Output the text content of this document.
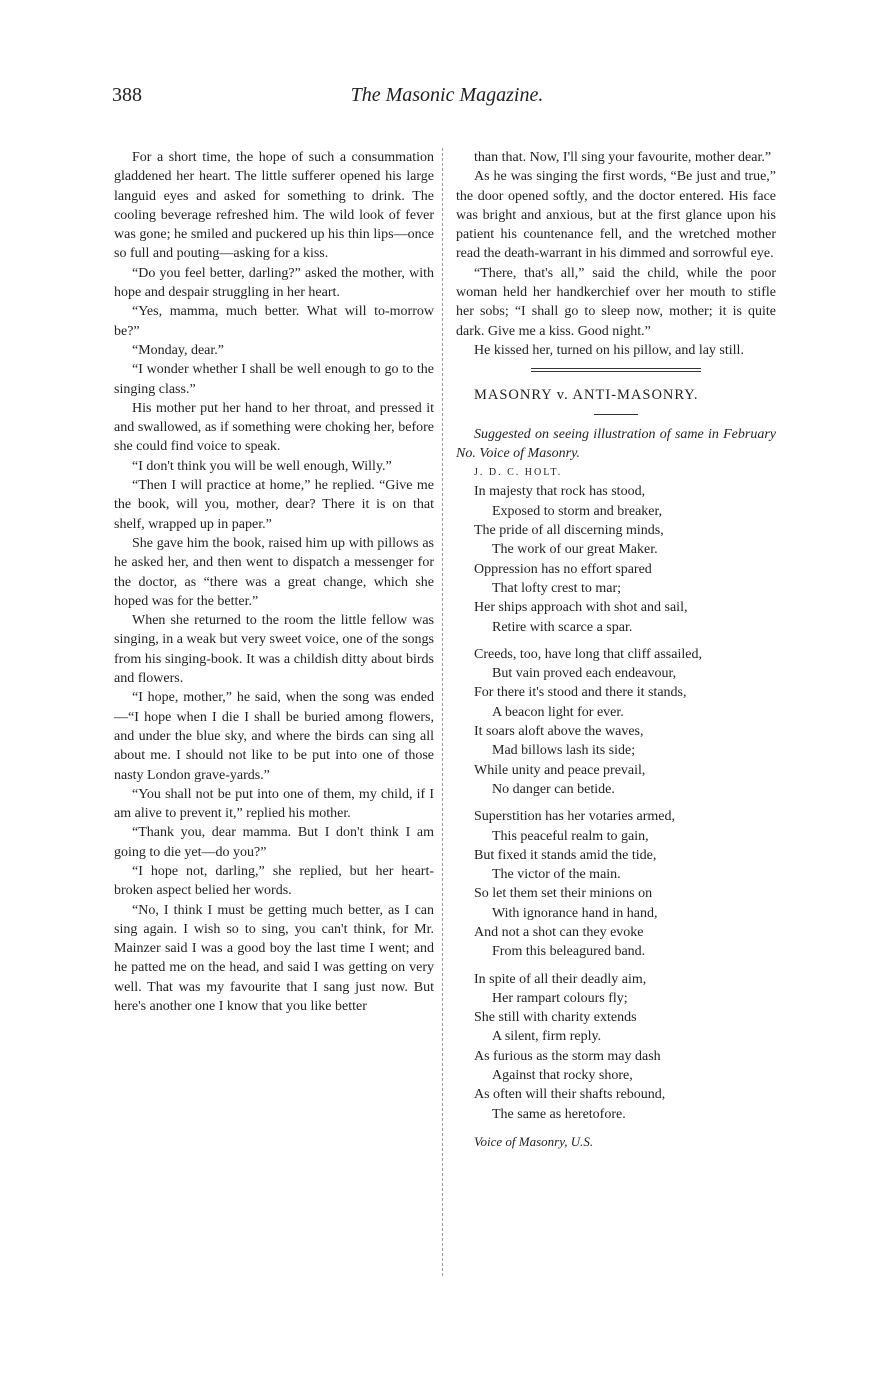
388	The Masonic Magazine.

For a short time, the hope of such a consummation gladdened her heart. The little sufferer opened his large languid eyes and asked for something to drink. The cooling beverage refreshed him. The wild look of fever was gone; he smiled and puckered up his thin lips—once so full and pouting—asking for a kiss.

“Do you feel better, darling?” asked the mother, with hope and despair struggling in her heart.

“Yes, mamma, much better. What will to-morrow be?”

“Monday, dear.”

“I wonder whether I shall be well enough to go to the singing class.”

His mother put her hand to her throat, and pressed it and swallowed, as if something were choking her, before she could find voice to speak.

“I don't think you will be well enough, Willy.”

“Then I will practice at home,” he replied. “Give me the book, will you, mother, dear? There it is on that shelf, wrapped up in paper.”

She gave him the book, raised him up with pillows as he asked her, and then went to dispatch a messenger for the doctor, as “there was a great change, which she hoped was for the better.”

When she returned to the room the little fellow was singing, in a weak but very sweet voice, one of the songs from his singing-book. It was a childish ditty about birds and flowers.

“I hope, mother,” he said, when the song was ended—“I hope when I die I shall be buried among flowers, and under the blue sky, and where the birds can sing all about me. I should not like to be put into one of those nasty London grave-yards.”

“You shall not be put into one of them, my child, if I am alive to prevent it,” replied his mother.

“Thank you, dear mamma. But I don't think I am going to die yet—do you?”

“I hope not, darling,” she replied, but her heart-broken aspect belied her words.

“No, I think I must be getting much better, as I can sing again. I wish so to sing, you can't think, for Mr. Mainzer said I was a good boy the last time I went; and he patted me on the head, and said I was getting on very well. That was my favourite that I sang just now. But here's another one I know that you like better

than that. Now, I'll sing your favourite, mother dear.”

As he was singing the first words, “Be just and true,” the door opened softly, and the doctor entered. His face was bright and anxious, but at the first glance upon his patient his countenance fell, and the wretched mother read the death-warrant in his dimmed and sorrowful eye.

“There, that's all,” said the child, while the poor woman held her handkerchief over her mouth to stifle her sobs; “I shall go to sleep now, mother; it is quite dark. Give me a kiss. Good night.”

He kissed her, turned on his pillow, and lay still.

MASONRY v. ANTI-MASONRY.

Suggested on seeing illustration of same in February No. Voice of Masonry.

J. D. C. HOLT.

In majesty that rock has stood,

Exposed to storm and breaker,

The pride of all discerning minds,

The work of our great Maker.

Oppression has no effort spared

That lofty crest to mar;

Her ships approach with shot and sail,

Retire with scarce a spar.

Creeds, too, have long that cliff assailed,

But vain proved each endeavour,

For there it's stood and there it stands,

A beacon light for ever.

It soars aloft above the waves,

Mad billows lash its side;

While unity and peace prevail,

No danger can betide.

Superstition has her votaries armed,

This peaceful realm to gain,

But fixed it stands amid the tide,

The victor of the main.

So let them set their minions on

With ignorance hand in hand,

And not a shot can they evoke

From this beleagured band.

In spite of all their deadly aim,

Her rampart colours fly;

She still with charity extends

A silent, firm reply.

As furious as the storm may dash

Against that rocky shore,

As often will their shafts rebound,

The same as heretofore.

Voice of Masonry, U.S.
